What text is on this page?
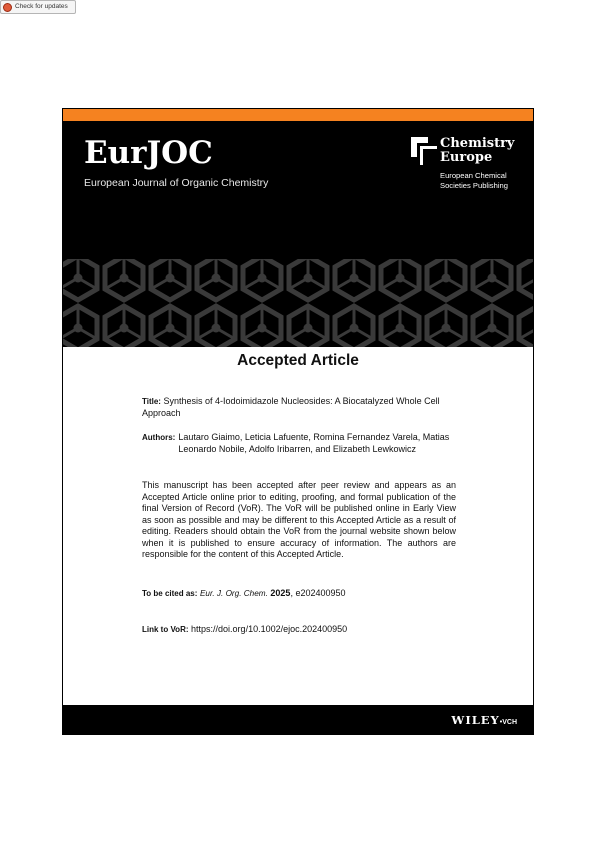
Check for updates
EurJOC
European Journal of Organic Chemistry
Chemistry
Europe
European Chemical
Societies Publishing
Accepted Article
Title: Synthesis of 4-Iodoimidazole Nucleosides: A Biocatalyzed Whole Cell Approach
Authors: Lautaro Giaimo, Leticia Lafuente, Romina Fernandez Varela, Matias Leonardo Nobile, Adolfo Iribarren, and Elizabeth Lewkowicz
This manuscript has been accepted after peer review and appears as an Accepted Article online prior to editing, proofing, and formal publication of the final Version of Record (VoR). The VoR will be published online in Early View as soon as possible and may be different to this Accepted Article as a result of editing. Readers should obtain the VoR from the journal website shown below when it is published to ensure accuracy of information. The authors are responsible for the content of this Accepted Article.
To be cited as: Eur. J. Org. Chem. 2025, e202400950
Link to VoR: https://doi.org/10.1002/ejoc.202400950
WILEY•VCH
